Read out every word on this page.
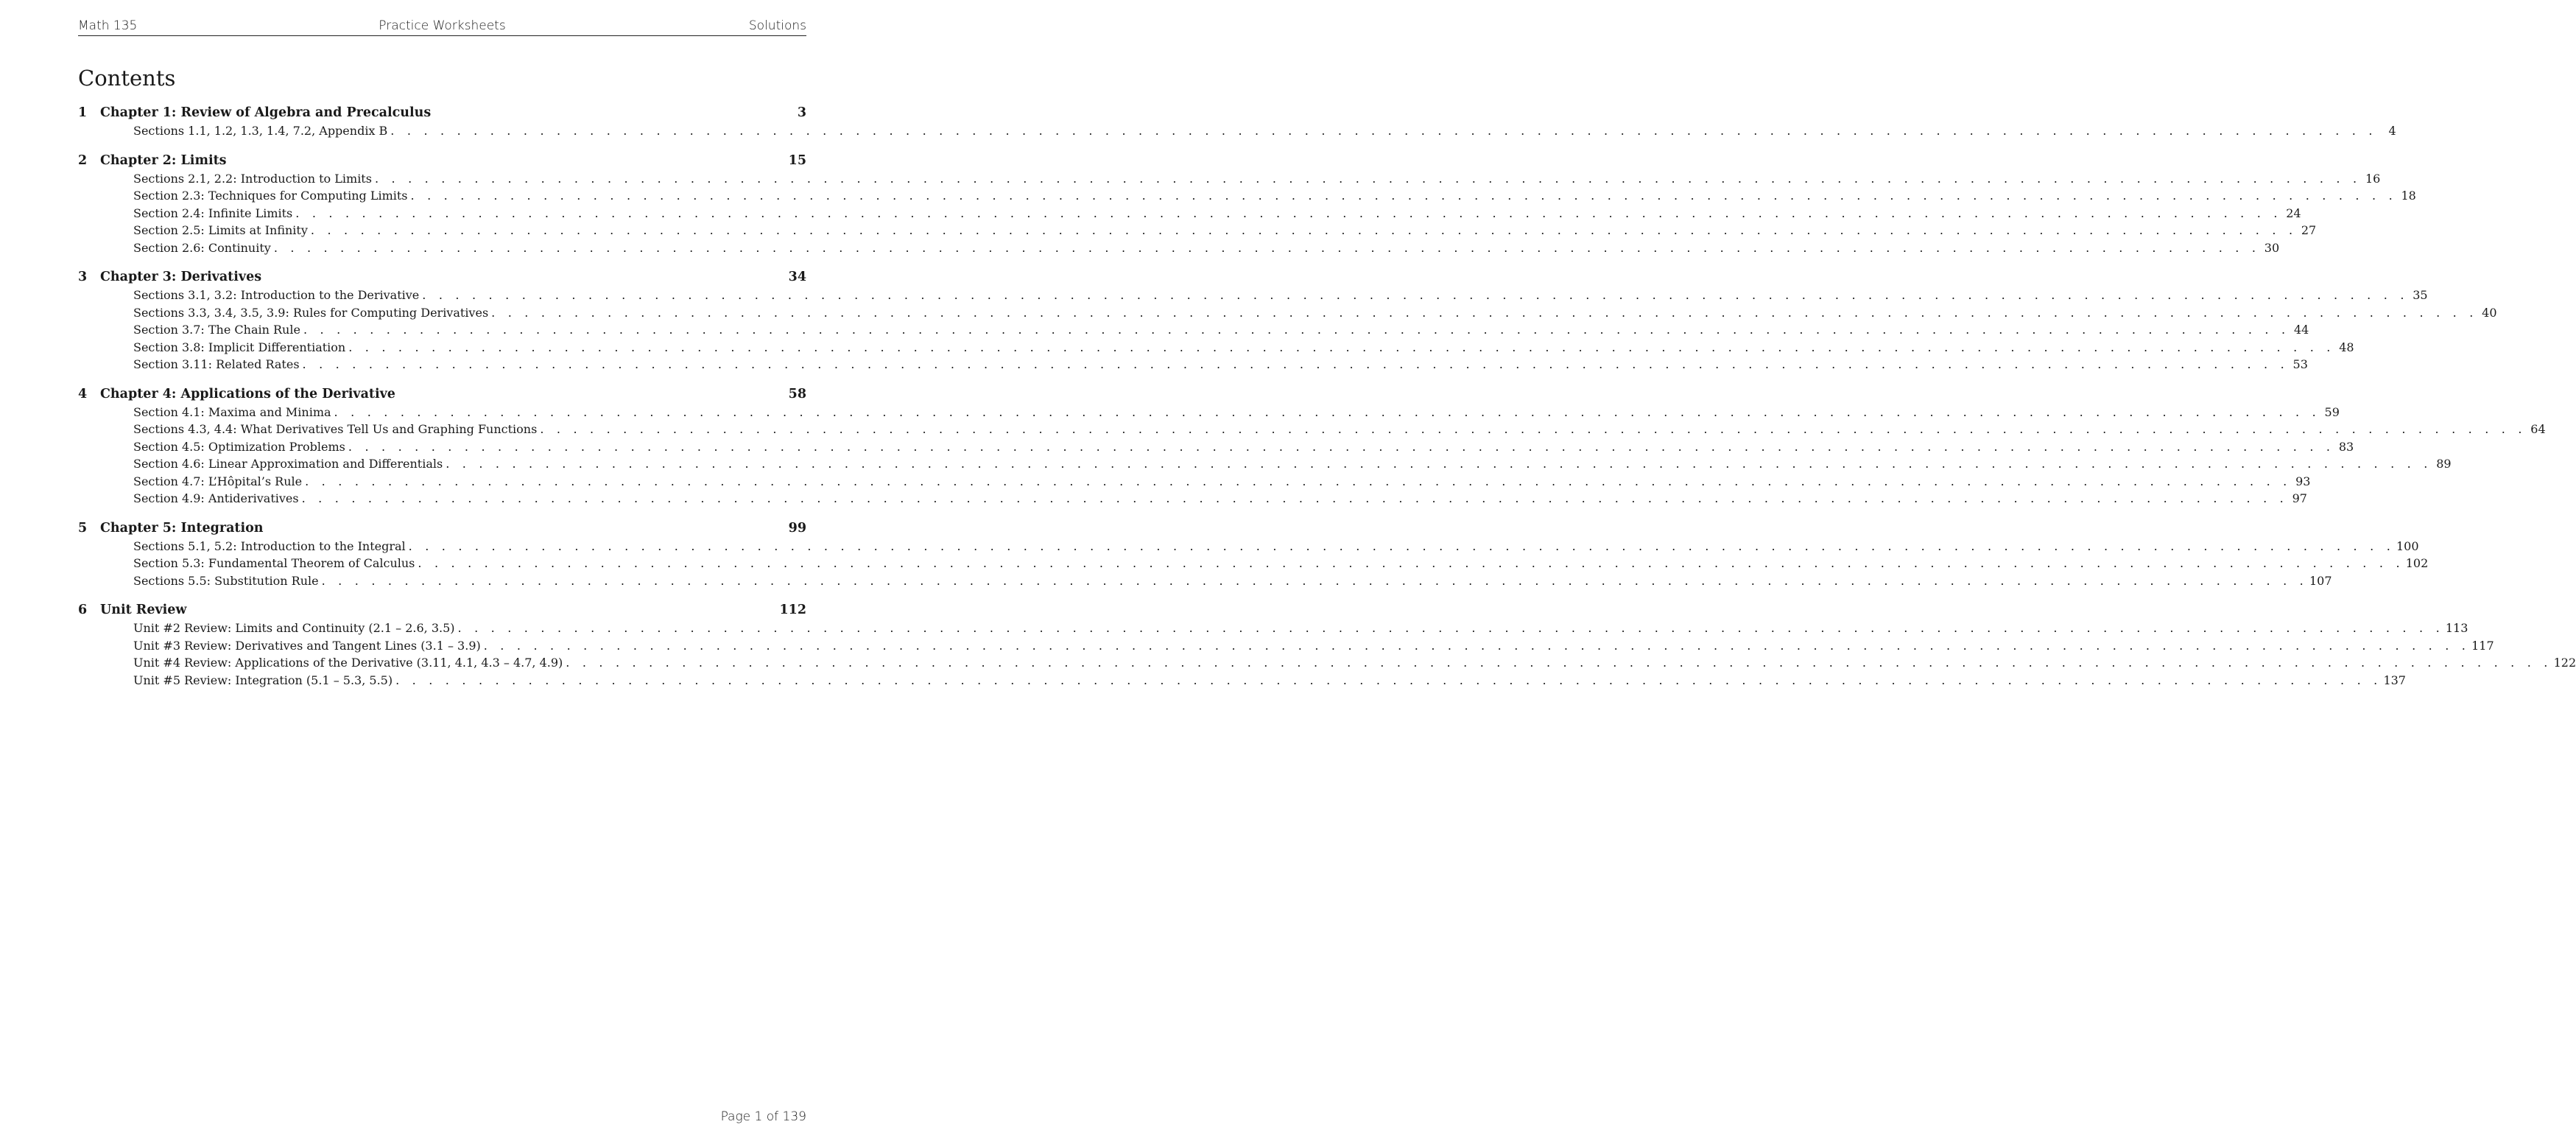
Math 135	Practice Worksheets	Solutions
Contents
1	Chapter 1: Review of Algebra and Precalculus	3
Sections 1.1, 1.2, 1.3, 1.4, 7.2, Appendix B . . . . . . . . . . . . . . . . . . . . . . . . . . . . . . . . . . . . . . . . . . . . . . . . . . . . . . . . . . . . . . . . . . . . . . . . . . . . . . . . . . . . . . . . . . . . . . . . . . . . . . . . . . . . . . . . . . . . . . . . 4
2	Chapter 2: Limits	15
Sections 2.1, 2.2: Introduction to Limits . . . . . . . . . . . . . . . . . . . . . . . . . . . . . . . . . . . . . . . . . . . . . . . . . . . . . . . . . . . . . . . . . . . . . . . . . . . . . . . . . . . . . . . . . . . . . . . . . . . . . . . . . . . . . . . . . . . . . . . . 16
Section 2.3: Techniques for Computing Limits . . . . . . . . . . . . . . . . . . . . . . . . . . . . . . . . . . . . . . . . . . . . . . . . . . . . . . . . . . . . . . . . . . . . . . . . . . . . . . . . . . . . . . . . . . . . . . . . . . . . . . . . . . . . . . . . . . . . . . . . 18
Section 2.4: Infinite Limits . . . . . . . . . . . . . . . . . . . . . . . . . . . . . . . . . . . . . . . . . . . . . . . . . . . . . . . . . . . . . . . . . . . . . . . . . . . . . . . . . . . . . . . . . . . . . . . . . . . . . . . . . . . . . . . . . . . . . . . . 24
Section 2.5: Limits at Infinity . . . . . . . . . . . . . . . . . . . . . . . . . . . . . . . . . . . . . . . . . . . . . . . . . . . . . . . . . . . . . . . . . . . . . . . . . . . . . . . . . . . . . . . . . . . . . . . . . . . . . . . . . . . . . . . . . . . . . . . . 27
Section 2.6: Continuity . . . . . . . . . . . . . . . . . . . . . . . . . . . . . . . . . . . . . . . . . . . . . . . . . . . . . . . . . . . . . . . . . . . . . . . . . . . . . . . . . . . . . . . . . . . . . . . . . . . . . . . . . . . . . . . . . . . . . . . . 30
3	Chapter 3: Derivatives	34
Sections 3.1, 3.2: Introduction to the Derivative . . . . . . . . . . . . . . . . . . . . . . . . . . . . . . . . . . . . . . . . . . . . . . . . . . . . . . . . . . . . . . . . . . . . . . . . . . . . . . . . . . . . . . . . . . . . . . . . . . . . . . . . . . . . . . . . . . . . . . . . 35
Sections 3.3, 3.4, 3.5, 3.9: Rules for Computing Derivatives . . . . . . . . . . . . . . . . . . . . . . . . . . . . . . . . . . . . . . . . . . . . . . . . . . . . . . . . . . . . . . . . . . . . . . . . . . . . . . . . . . . . . . . . . . . . . . . . . . . . . . . . . . . . . . . . . . . . . . . . 40
Section 3.7: The Chain Rule . . . . . . . . . . . . . . . . . . . . . . . . . . . . . . . . . . . . . . . . . . . . . . . . . . . . . . . . . . . . . . . . . . . . . . . . . . . . . . . . . . . . . . . . . . . . . . . . . . . . . . . . . . . . . . . . . . . . . . . . 44
Section 3.8: Implicit Differentiation . . . . . . . . . . . . . . . . . . . . . . . . . . . . . . . . . . . . . . . . . . . . . . . . . . . . . . . . . . . . . . . . . . . . . . . . . . . . . . . . . . . . . . . . . . . . . . . . . . . . . . . . . . . . . . . . . . . . . . . . 48
Section 3.11: Related Rates . . . . . . . . . . . . . . . . . . . . . . . . . . . . . . . . . . . . . . . . . . . . . . . . . . . . . . . . . . . . . . . . . . . . . . . . . . . . . . . . . . . . . . . . . . . . . . . . . . . . . . . . . . . . . . . . . . . . . . . . 53
4	Chapter 4: Applications of the Derivative	58
Section 4.1: Maxima and Minima . . . . . . . . . . . . . . . . . . . . . . . . . . . . . . . . . . . . . . . . . . . . . . . . . . . . . . . . . . . . . . . . . . . . . . . . . . . . . . . . . . . . . . . . . . . . . . . . . . . . . . . . . . . . . . . . . . . . . . . . 59
Sections 4.3, 4.4: What Derivatives Tell Us and Graphing Functions . . . . . . . . . . . . . . . . . . . . . . . . . . . . . . . . . . . . . . . . . . . . . . . . . . . . . . . . . . . . . . . . . . . . . . . . . . . . . . . . . . . . . . . . . . . . . . . . . . . . . . . . . . . . . . . . . . . . . . . . 64
Section 4.5: Optimization Problems . . . . . . . . . . . . . . . . . . . . . . . . . . . . . . . . . . . . . . . . . . . . . . . . . . . . . . . . . . . . . . . . . . . . . . . . . . . . . . . . . . . . . . . . . . . . . . . . . . . . . . . . . . . . . . . . . . . . . . . . 83
Section 4.6: Linear Approximation and Differentials . . . . . . . . . . . . . . . . . . . . . . . . . . . . . . . . . . . . . . . . . . . . . . . . . . . . . . . . . . . . . . . . . . . . . . . . . . . . . . . . . . . . . . . . . . . . . . . . . . . . . . . . . . . . . . . . . . . . . . . . 89
Section 4.7: L’Hôpital’s Rule . . . . . . . . . . . . . . . . . . . . . . . . . . . . . . . . . . . . . . . . . . . . . . . . . . . . . . . . . . . . . . . . . . . . . . . . . . . . . . . . . . . . . . . . . . . . . . . . . . . . . . . . . . . . . . . . . . . . . . . . 93
Section 4.9: Antiderivatives . . . . . . . . . . . . . . . . . . . . . . . . . . . . . . . . . . . . . . . . . . . . . . . . . . . . . . . . . . . . . . . . . . . . . . . . . . . . . . . . . . . . . . . . . . . . . . . . . . . . . . . . . . . . . . . . . . . . . . . . 97
5	Chapter 5: Integration	99
Sections 5.1, 5.2: Introduction to the Integral . . . . . . . . . . . . . . . . . . . . . . . . . . . . . . . . . . . . . . . . . . . . . . . . . . . . . . . . . . . . . . . . . . . . . . . . . . . . . . . . . . . . . . . . . . . . . . . . . . . . . . . . . . . . . . . . . . . . . . . . 100
Section 5.3: Fundamental Theorem of Calculus . . . . . . . . . . . . . . . . . . . . . . . . . . . . . . . . . . . . . . . . . . . . . . . . . . . . . . . . . . . . . . . . . . . . . . . . . . . . . . . . . . . . . . . . . . . . . . . . . . . . . . . . . . . . . . . . . . . . . . . . 102
Sections 5.5: Substitution Rule . . . . . . . . . . . . . . . . . . . . . . . . . . . . . . . . . . . . . . . . . . . . . . . . . . . . . . . . . . . . . . . . . . . . . . . . . . . . . . . . . . . . . . . . . . . . . . . . . . . . . . . . . . . . . . . . . . . . . . . . 107
6	Unit Review	112
Unit #2 Review: Limits and Continuity (2.1 – 2.6, 3.5) . . . . . . . . . . . . . . . . . . . . . . . . . . . . . . . . . . . . . . . . . . . . . . . . . . . . . . . . . . . . . . . . . . . . . . . . . . . . . . . . . . . . . . . . . . . . . . . . . . . . . . . . . . . . . . . . . . . . . . . . 113
Unit #3 Review: Derivatives and Tangent Lines (3.1 – 3.9) . . . . . . . . . . . . . . . . . . . . . . . . . . . . . . . . . . . . . . . . . . . . . . . . . . . . . . . . . . . . . . . . . . . . . . . . . . . . . . . . . . . . . . . . . . . . . . . . . . . . . . . . . . . . . . . . . . . . . . . . 117
Unit #4 Review: Applications of the Derivative (3.11, 4.1, 4.3 – 4.7, 4.9) . . . . . . . . . . . . . . . . . . . . . . . . . . . . . . . . . . . . . . . . . . . . . . . . . . . . . . . . . . . . . . . . . . . . . . . . . . . . . . . . . . . . . . . . . . . . . . . . . . . . . . . . . . . . . . . . . . . . . . . . 122
Unit #5 Review: Integration (5.1 – 5.3, 5.5) . . . . . . . . . . . . . . . . . . . . . . . . . . . . . . . . . . . . . . . . . . . . . . . . . . . . . . . . . . . . . . . . . . . . . . . . . . . . . . . . . . . . . . . . . . . . . . . . . . . . . . . . . . . . . . . . . . . . . . . . 137
Page 1 of 139
